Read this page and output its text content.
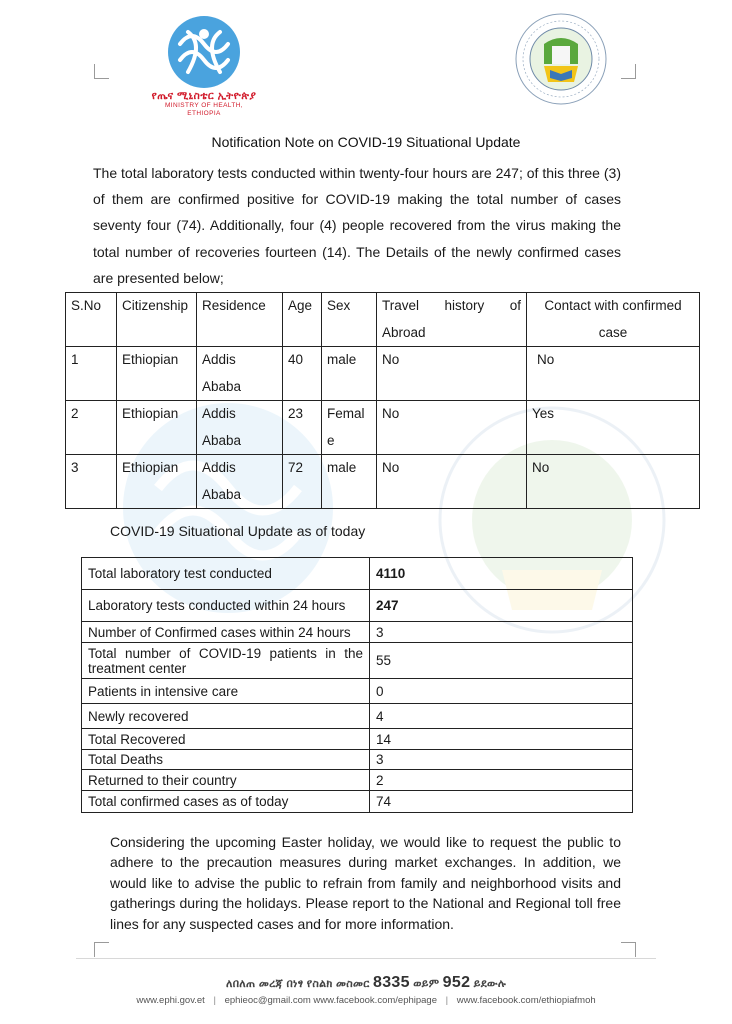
የጤና ሚኒስቴር ኢትዮጵያ
MINISTRY OF HEALTH, ETHIOPIA
Notification Note on COVID-19 Situational Update
The total laboratory tests conducted within twenty-four hours are 247; of this three (3) of them are confirmed positive for COVID-19 making the total number of cases seventy four (74). Additionally, four (4) people recovered from the virus making the total number of recoveries fourteen (14). The Details of the newly confirmed cases are presented below;
S.No	Citizenship	Residence	Age	Sex	Travel history of Abroad	Contact with confirmed case
1	Ethiopian	Addis Ababa	40	male	No	No
2	Ethiopian	Addis Ababa	23	Female	No	Yes
3	Ethiopian	Addis Ababa	72	male	No	No
COVID-19 Situational Update as of today
Total laboratory test conducted	4110
Laboratory tests conducted within 24 hours	247
Number of Confirmed cases within 24 hours	3
Total number of COVID-19 patients in the treatment center	55
Patients in intensive care	0
Newly recovered	4
Total Recovered	14
Total Deaths	3
Returned to their country	2
Total confirmed cases as of today	74
Considering the upcoming Easter holiday, we would like to request the public to adhere to the precaution measures during market exchanges. In addition, we would like to advise the public to refrain from family and neighborhood visits and gatherings during the holidays. Please report to the National and Regional toll free lines for any suspected cases and for more information.
ለበለጠ መረጃ በነፃ የስልክ መስመር 8335 ወይም 952 ይደውሉ
www.ephi.gov.et | ephieoc@gmail.com www.facebook.com/ephipage | www.facebook.com/ethiopiafmoh
